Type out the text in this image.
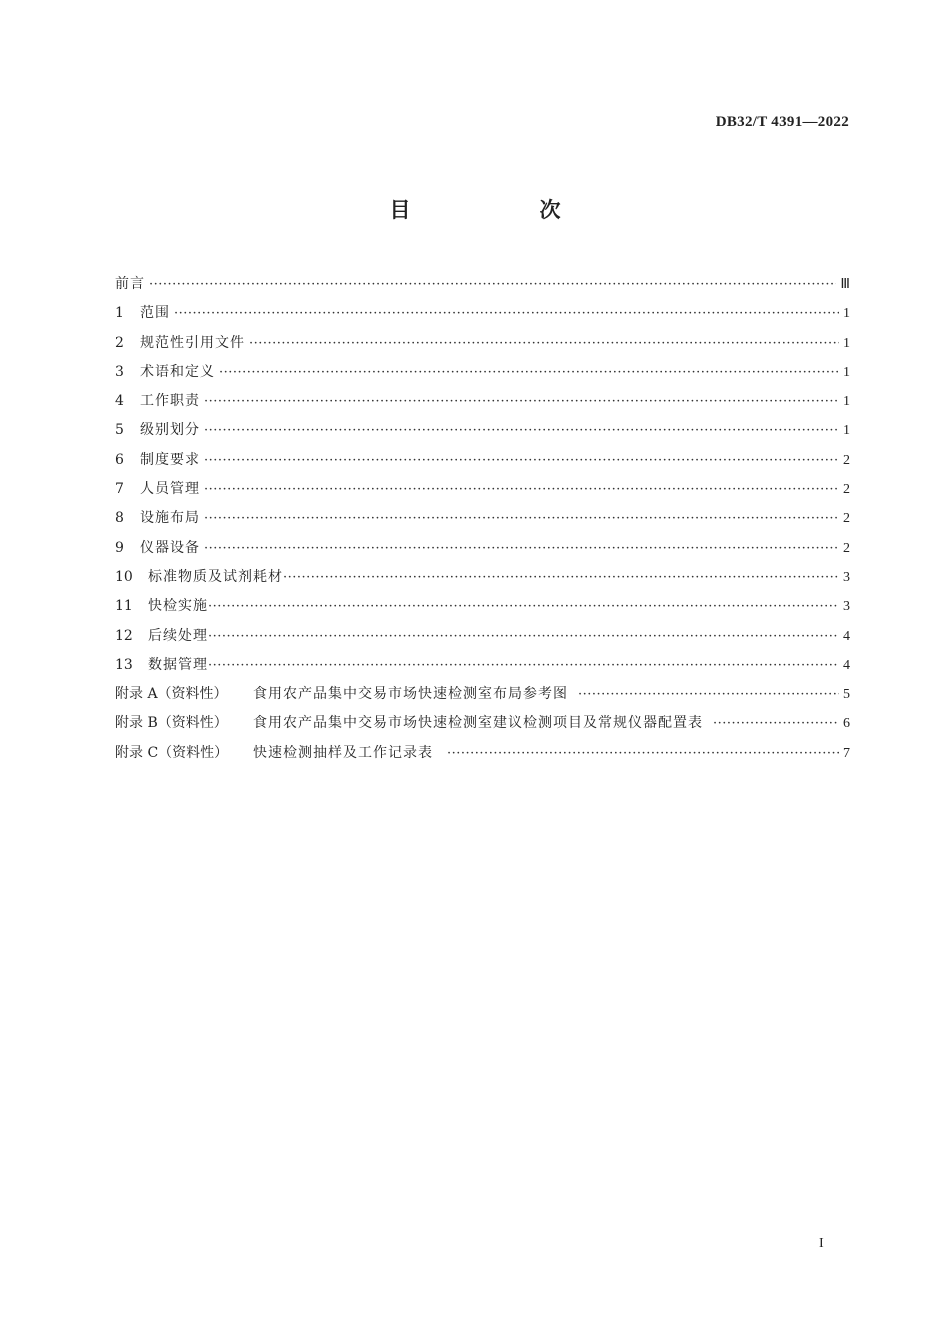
DB32/T 4391—2022
目　次
前言 ·····	Ⅲ
1	范围 ·····	1
2	规范性引用文件 ·····	1
3	术语和定义 ·····	1
4	工作职责 ·····	1
5	级别划分 ·····	1
6	制度要求 ·····	2
7	人员管理 ·····	2
8	设施布局 ·····	2
9	仪器设备 ·····	2
10	标准物质及试剂耗材 ·····	3
11	快检实施 ·····	3
12	后续处理 ·····	4
13	数据管理 ·····	4
附录 A（资料性）	食用农产品集中交易市场快速检测室布局参考图 ·····	5
附录 B（资料性）	食用农产品集中交易市场快速检测室建议检测项目及常规仪器配置表 ·····	6
附录 C（资料性）	快速检测抽样及工作记录表 ·····	7
I
